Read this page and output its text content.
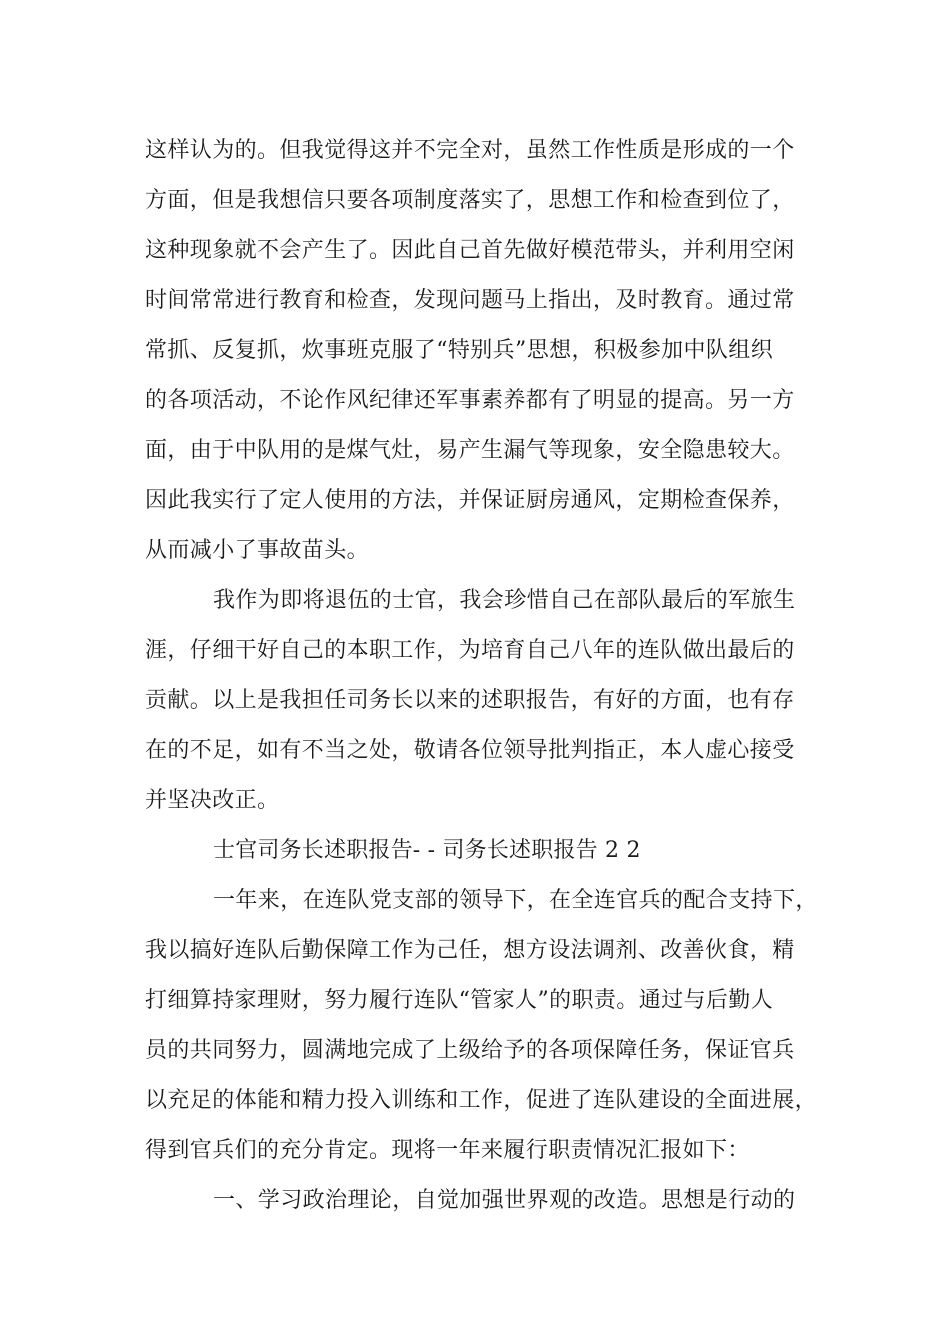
这样认为的。但我觉得这并不完全对，虽然工作性质是形成的一个
方面，但是我想信只要各项制度落实了，思想工作和检查到位了，
这种现象就不会产生了。因此自己首先做好模范带头，并利用空闲
时间常常进行教育和检查，发现问题马上指出，及时教育。通过常
常抓、反复抓，炊事班克服了“特别兵”思想，积极参加中队组织
的各项活动，不论作风纪律还军事素养都有了明显的提高。另一方
面，由于中队用的是煤气灶，易产生漏气等现象，安全隐患较大。
因此我实行了定人使用的方法，并保证厨房通风，定期检查保养，
从而减小了事故苗头。
我作为即将退伍的士官，我会珍惜自己在部队最后的军旅生
涯，仔细干好自己的本职工作，为培育自己八年的连队做出最后的
贡献。以上是我担任司务长以来的述职报告，有好的方面，也有存
在的不足，如有不当之处，敬请各位领导批判指正，本人虚心接受
并坚决改正。
士官司务长述职报告- - 司务长述职报告 2 2
一年来，在连队党支部的领导下，在全连官兵的配合支持下，
我以搞好连队后勤保障工作为己任，想方设法调剂、改善伙食，精
打细算持家理财，努力履行连队“管家人”的职责。通过与后勤人
员的共同努力，圆满地完成了上级给予的各项保障任务，保证官兵
以充足的体能和精力投入训练和工作，促进了连队建设的全面进展，
得到官兵们的充分肯定。现将一年来履行职责情况汇报如下：
一、学习政治理论，自觉加强世界观的改造。思想是行动的
